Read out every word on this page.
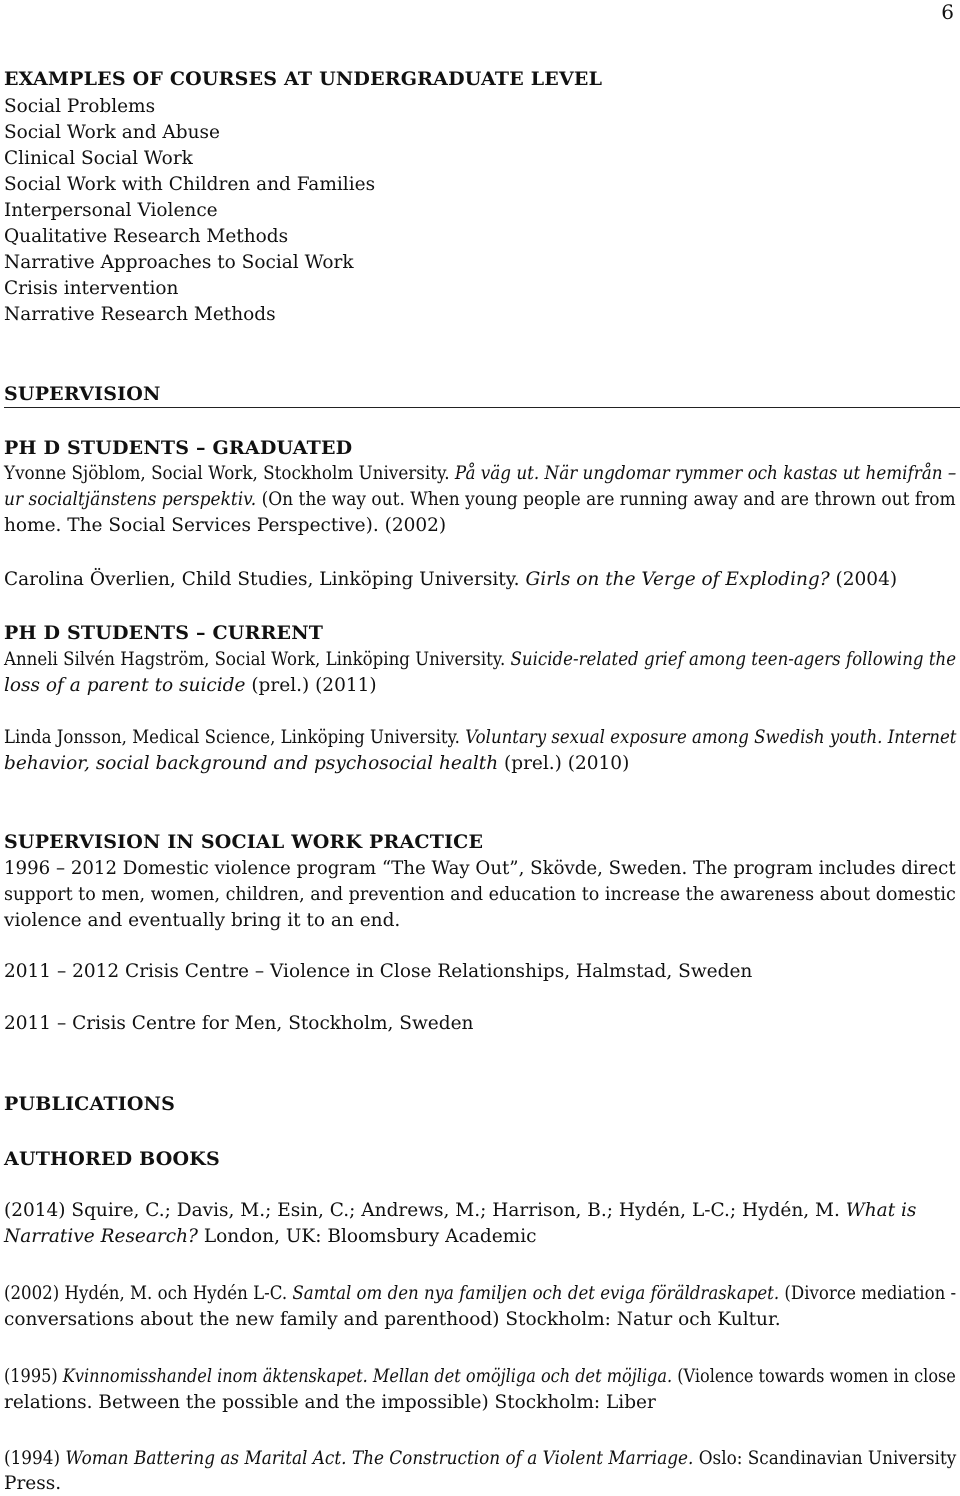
6
EXAMPLES OF COURSES AT UNDERGRADUATE LEVEL
Social Problems
Social Work and Abuse
Clinical Social Work
Social Work with Children and Families
Interpersonal Violence
Qualitative Research Methods
Narrative Approaches to Social Work
Crisis intervention
Narrative Research Methods
SUPERVISION
PH D STUDENTS – GRADUATED
Yvonne Sjöblom, Social Work, Stockholm University. På väg ut. När ungdomar rymmer och kastas ut hemifrån –
ur socialtjänstens perspektiv. (On the way out. When young people are running away and are thrown out from
home. The Social Services Perspective). (2002)
Carolina Överlien, Child Studies, Linköping University. Girls on the Verge of Exploding? (2004)
PH D STUDENTS – CURRENT
Anneli Silvén Hagström, Social Work, Linköping University. Suicide-related grief among teen-agers following the
loss of a parent to suicide (prel.) (2011)
Linda Jonsson, Medical Science, Linköping University. Voluntary sexual exposure among Swedish youth. Internet
behavior, social background and psychosocial health (prel.) (2010)
SUPERVISION IN SOCIAL WORK PRACTICE
1996 – 2012 Domestic violence program “The Way Out”, Skövde, Sweden. The program includes direct
support to men, women, children, and prevention and education to increase the awareness about domestic
violence and eventually bring it to an end.
2011 – 2012 Crisis Centre – Violence in Close Relationships, Halmstad, Sweden
2011 – Crisis Centre for Men, Stockholm, Sweden
PUBLICATIONS
AUTHORED BOOKS
(2014) Squire, C.; Davis, M.; Esin, C.; Andrews, M.; Harrison, B.; Hydén, L-C.; Hydén, M. What is
Narrative Research? London, UK: Bloomsbury Academic
(2002) Hydén, M. och Hydén L-C. Samtal om den nya familjen och det eviga föräldraskapet. (Divorce mediation -
conversations about the new family and parenthood) Stockholm: Natur och Kultur.
(1995) Kvinnomisshandel inom äktenskapet. Mellan det omöjliga och det möjliga. (Violence towards women in close
relations. Between the possible and the impossible) Stockholm: Liber
(1994) Woman Battering as Marital Act. The Construction of a Violent Marriage. Oslo: Scandinavian University
Press.
